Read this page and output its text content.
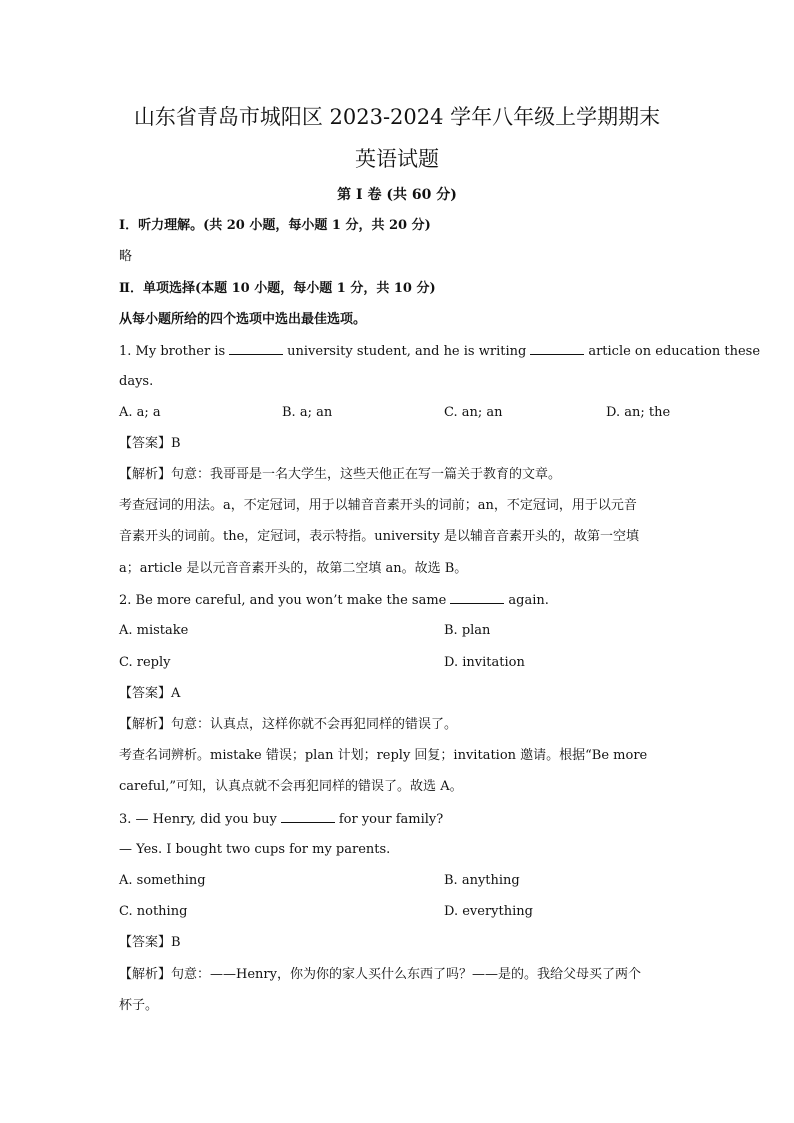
山东省青岛市城阳区 2023-2024 学年八年级上学期期末
英语试题
第 I 卷 (共 60 分)
Ⅰ．听力理解。(共 20 小题，每小题 1 分，共 20 分)
略
Ⅱ．单项选择(本题 10 小题，每小题 1 分，共 10 分)
从每小题所给的四个选项中选出最佳选项。
1. My brother is	university student, and he is writing	article on education these
days.
A. a; a	B. a; an	C. an; an	D. an; the
【答案】B
【解析】句意：我哥哥是一名大学生，这些天他正在写一篇关于教育的文章。
考查冠词的用法。a，不定冠词，用于以辅音音素开头的词前；an，不定冠词，用于以元音
音素开头的词前。the，定冠词，表示特指。university 是以辅音音素开头的，故第一空填
a；article 是以元音音素开头的，故第二空填 an。故选 B。
2. Be more careful, and you won’t make the same	again.
A. mistake	B. plan
C. reply	D. invitation
【答案】A
【解析】句意：认真点，这样你就不会再犯同样的错误了。
考查名词辨析。mistake 错误；plan 计划；reply 回复；invitation 邀请。根据“Be more
careful,”可知，认真点就不会再犯同样的错误了。故选 A。
3. — Henry, did you buy	for your family?
— Yes. I bought two cups for my parents.
A. something	B. anything
C. nothing	D. everything
【答案】B
【解析】句意：——Henry，你为你的家人买什么东西了吗？——是的。我给父母买了两个
杯子。
